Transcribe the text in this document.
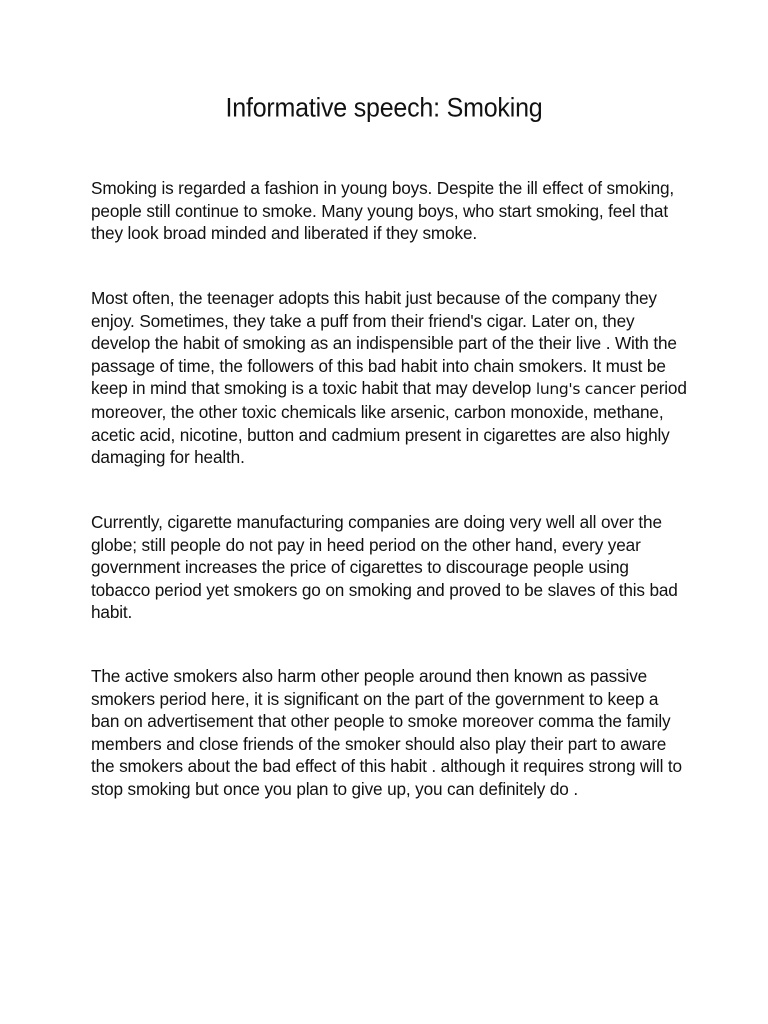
Informative speech: Smoking

Smoking is regarded a fashion in young boys. Despite the ill effect of smoking, people still continue to smoke. Many young boys, who start smoking, feel that they look broad minded and liberated if they smoke.

Most often, the teenager adopts this habit just because of the company they enjoy. Sometimes, they take a puff from their friend's cigar. Later on, they develop the habit of smoking as an indispensible part of the their live . With the passage of time, the followers of this bad habit into chain smokers. It must be keep in mind that smoking is a toxic habit that may develop lung's cancer period moreover, the other toxic chemicals like arsenic, carbon monoxide, methane, acetic acid, nicotine, button and cadmium present in cigarettes are also highly damaging for health.

Currently, cigarette manufacturing companies are doing very well all over the globe; still people do not pay in heed period on the other hand, every year government increases the price of cigarettes to discourage people using tobacco period yet smokers go on smoking and proved to be slaves of this bad habit.

The active smokers also harm other people around then known as passive smokers period here, it is significant on the part of the government to keep a ban on advertisement that other people to smoke moreover comma the family members and close friends of the smoker should also play their part to aware the smokers about the bad effect of this habit . although it requires strong will to stop smoking but once you plan to give up, you can definitely do .
